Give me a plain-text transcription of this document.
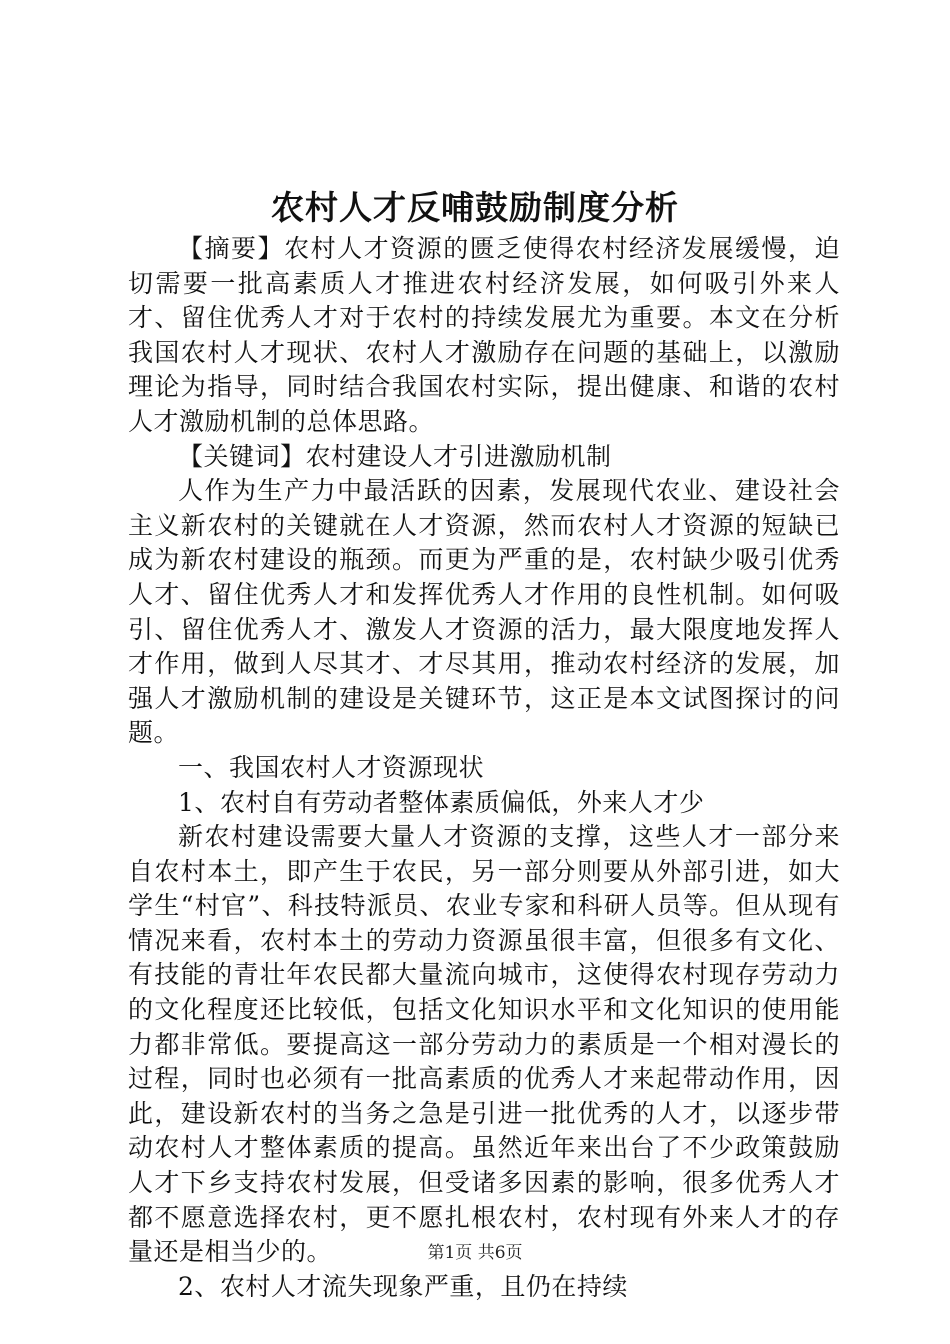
农村人才反哺鼓励制度分析

【摘要】农村人才资源的匮乏使得农村经济发展缓慢，迫切需要一批高素质人才推进农村经济发展，如何吸引外来人才、留住优秀人才对于农村的持续发展尤为重要。本文在分析我国农村人才现状、农村人才激励存在问题的基础上，以激励理论为指导，同时结合我国农村实际，提出健康、和谐的农村人才激励机制的总体思路。

【关键词】农村建设人才引进激励机制

人作为生产力中最活跃的因素，发展现代农业、建设社会主义新农村的关键就在人才资源，然而农村人才资源的短缺已成为新农村建设的瓶颈。而更为严重的是，农村缺少吸引优秀人才、留住优秀人才和发挥优秀人才作用的良性机制。如何吸引、留住优秀人才、激发人才资源的活力，最大限度地发挥人才作用，做到人尽其才、才尽其用，推动农村经济的发展，加强人才激励机制的建设是关键环节，这正是本文试图探讨的问题。

一、我国农村人才资源现状

1、农村自有劳动者整体素质偏低，外来人才少

新农村建设需要大量人才资源的支撑，这些人才一部分来自农村本土，即产生于农民，另一部分则要从外部引进，如大学生“村官”、科技特派员、农业专家和科研人员等。但从现有情况来看，农村本土的劳动力资源虽很丰富，但很多有文化、有技能的青壮年农民都大量流向城市，这使得农村现存劳动力的文化程度还比较低，包括文化知识水平和文化知识的使用能力都非常低。要提高这一部分劳动力的素质是一个相对漫长的过程，同时也必须有一批高素质的优秀人才来起带动作用，因此，建设新农村的当务之急是引进一批优秀的人才，以逐步带动农村人才整体素质的提高。虽然近年来出台了不少政策鼓励人才下乡支持农村发展，但受诸多因素的影响，很多优秀人才都不愿意选择农村，更不愿扎根农村，农村现有外来人才的存量还是相当少的。

2、农村人才流失现象严重，且仍在持续

第1页 共6页
